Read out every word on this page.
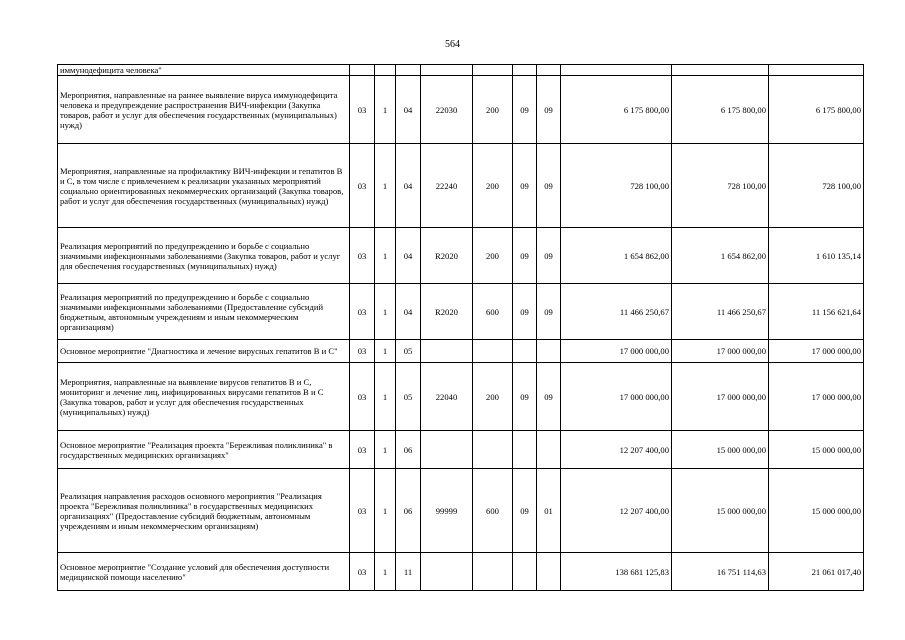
564
иммунодефицита человека"										
Мероприятия, направленные на раннее выявление вируса иммунодефицита человека и предупреждение распространения ВИЧ-инфекции (Закупка товаров, работ и услуг для обеспечения государственных (муниципальных) нужд)	03	1	04	22030	200	09	09	6 175 800,00	6 175 800,00	6 175 800,00
Мероприятия, направленные на профилактику ВИЧ-инфекции и гепатитов B и C, в том числе с привлечением к реализации указанных мероприятий социально ориентированных некоммерческих организаций (Закупка товаров, работ и услуг для обеспечения государственных (муниципальных) нужд)	03	1	04	22240	200	09	09	728 100,00	728 100,00	728 100,00
Реализация мероприятий по предупреждению и борьбе с социально значимыми инфекционными заболеваниями (Закупка товаров, работ и услуг для обеспечения государственных (муниципальных) нужд)	03	1	04	R2020	200	09	09	1 654 862,00	1 654 862,00	1 610 135,14
Реализация мероприятий по предупреждению и борьбе с социально значимыми инфекционными заболеваниями (Предоставление субсидий бюджетным, автономным учреждениям и иным некоммерческим организациям)	03	1	04	R2020	600	09	09	11 466 250,67	11 466 250,67	11 156 621,64
Основное мероприятие "Диагностика и лечение вирусных гепатитов B и C"	03	1	05					17 000 000,00	17 000 000,00	17 000 000,00
Мероприятия, направленные на выявление вирусов гепатитов B и C, мониторинг и лечение лиц, инфицированных вирусами гепатитов B и C (Закупка товаров, работ и услуг для обеспечения государственных (муниципальных) нужд)	03	1	05	22040	200	09	09	17 000 000,00	17 000 000,00	17 000 000,00
Основное мероприятие "Реализация проекта "Бережливая поликлиника" в государственных медицинских организациях"	03	1	06					12 207 400,00	15 000 000,00	15 000 000,00
Реализация направления расходов основного мероприятия "Реализация проекта "Бережливая поликлиника" в государственных медицинских организациях" (Предоставление субсидий бюджетным, автономным учреждениям и иным некоммерческим организациям)	03	1	06	99999	600	09	01	12 207 400,00	15 000 000,00	15 000 000,00
Основное мероприятие "Создание условий для обеспечения доступности медицинской помощи населению"	03	1	11					138 681 125,83	16 751 114,63	21 061 017,40
